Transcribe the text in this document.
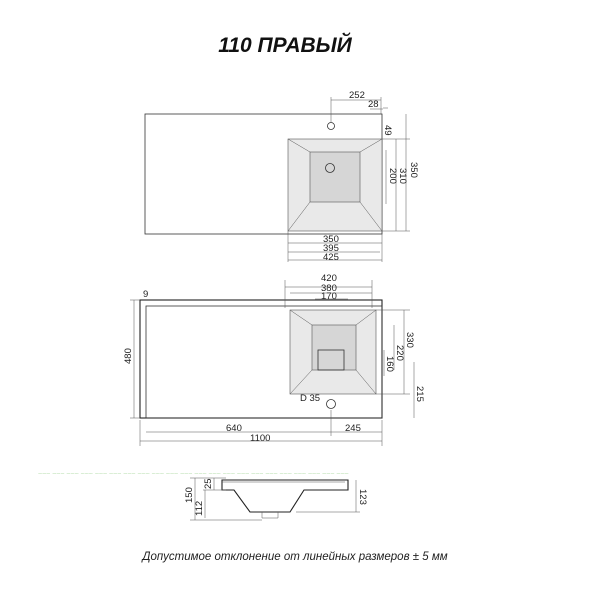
110 ПРАВЫЙ
252
28
49
350
310
200
350
395
425
420
380
170
9
480
330
220
160
215
D 35
640	245
1100
~~~ ~~~ ~~~ ~~~ ~~~ ~~~ ~~~ ~~~ ~~~ ~~~ ~~~ ~~~ ~~~ ~~~ ~~~ ~~~ ~~~ ~~~ ~~~ ~~~ ~~~ ~~~
150
112
25
123
Допустимое отклонение от линейных размеров ± 5 мм
